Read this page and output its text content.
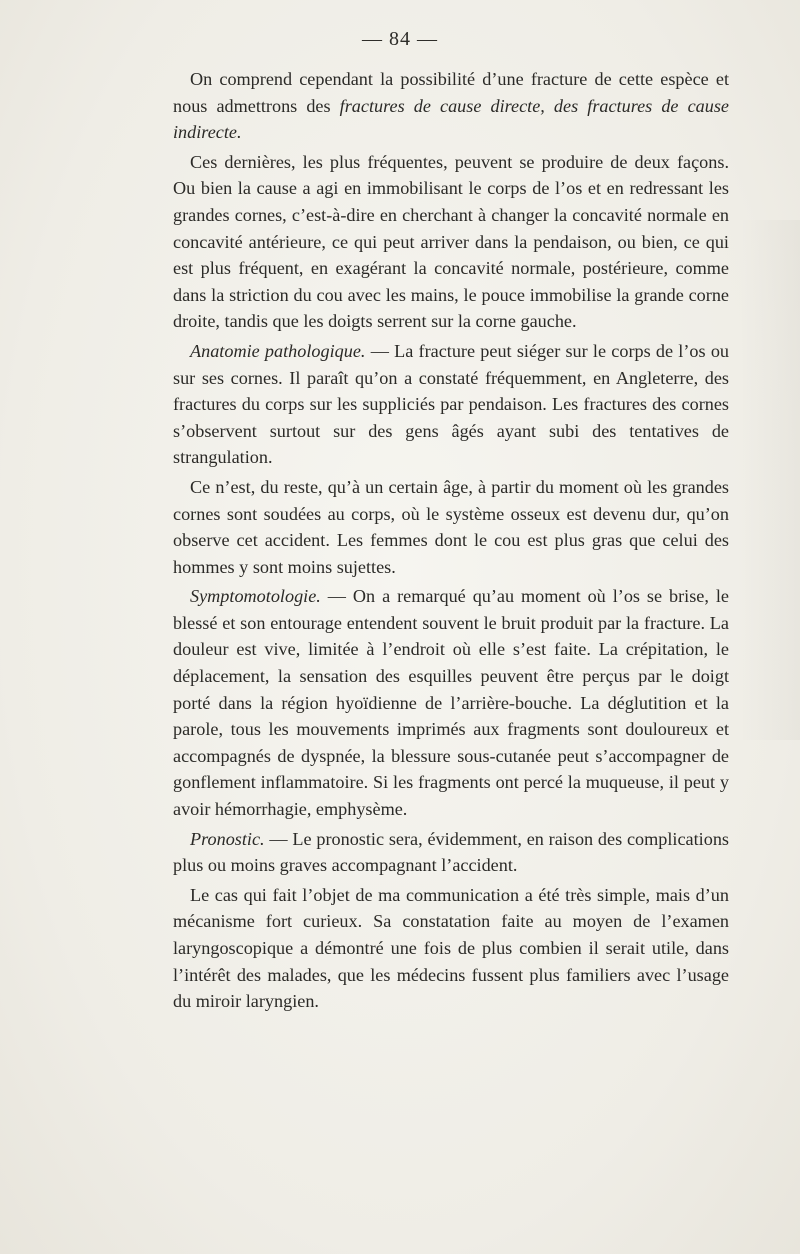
— 84 —

On comprend cependant la possibilité d’une fracture de cette espèce et nous admettrons des fractures de cause directe, des fractures de cause indirecte.

Ces dernières, les plus fréquentes, peuvent se produire de deux façons. Ou bien la cause a agi en immobilisant le corps de l’os et en redressant les grandes cornes, c’est-à-dire en cherchant à changer la concavité normale en concavité antérieure, ce qui peut arriver dans la pendaison, ou bien, ce qui est plus fréquent, en exagérant la concavité normale, postérieure, comme dans la striction du cou avec les mains, le pouce immobilise la grande corne droite, tandis que les doigts serrent sur la corne gauche.

Anatomie pathologique. — La fracture peut siéger sur le corps de l’os ou sur ses cornes. Il paraît qu’on a constaté fréquemment, en Angleterre, des fractures du corps sur les suppliciés par pendaison. Les fractures des cornes s’observent surtout sur des gens âgés ayant subi des tentatives de strangulation.

Ce n’est, du reste, qu’à un certain âge, à partir du moment où les grandes cornes sont soudées au corps, où le système osseux est devenu dur, qu’on observe cet accident. Les femmes dont le cou est plus gras que celui des hommes y sont moins sujettes.

Symptomotologie. — On a remarqué qu’au moment où l’os se brise, le blessé et son entourage entendent souvent le bruit produit par la fracture. La douleur est vive, limitée à l’endroit où elle s’est faite. La crépitation, le déplacement, la sensation des esquilles peuvent être perçus par le doigt porté dans la région hyoïdienne de l’arrière-bouche. La déglutition et la parole, tous les mouvements imprimés aux fragments sont douloureux et accompagnés de dyspnée, la blessure sous-cutanée peut s’accompagner de gonflement inflammatoire. Si les fragments ont percé la muqueuse, il peut y avoir hémorrhagie, emphysème.

Pronostic. — Le pronostic sera, évidemment, en raison des complications plus ou moins graves accompagnant l’accident.

Le cas qui fait l’objet de ma communication a été très simple, mais d’un mécanisme fort curieux. Sa constatation faite au moyen de l’examen laryngoscopique a démontré une fois de plus combien il serait utile, dans l’intérêt des malades, que les médecins fussent plus familiers avec l’usage du miroir laryngien.
